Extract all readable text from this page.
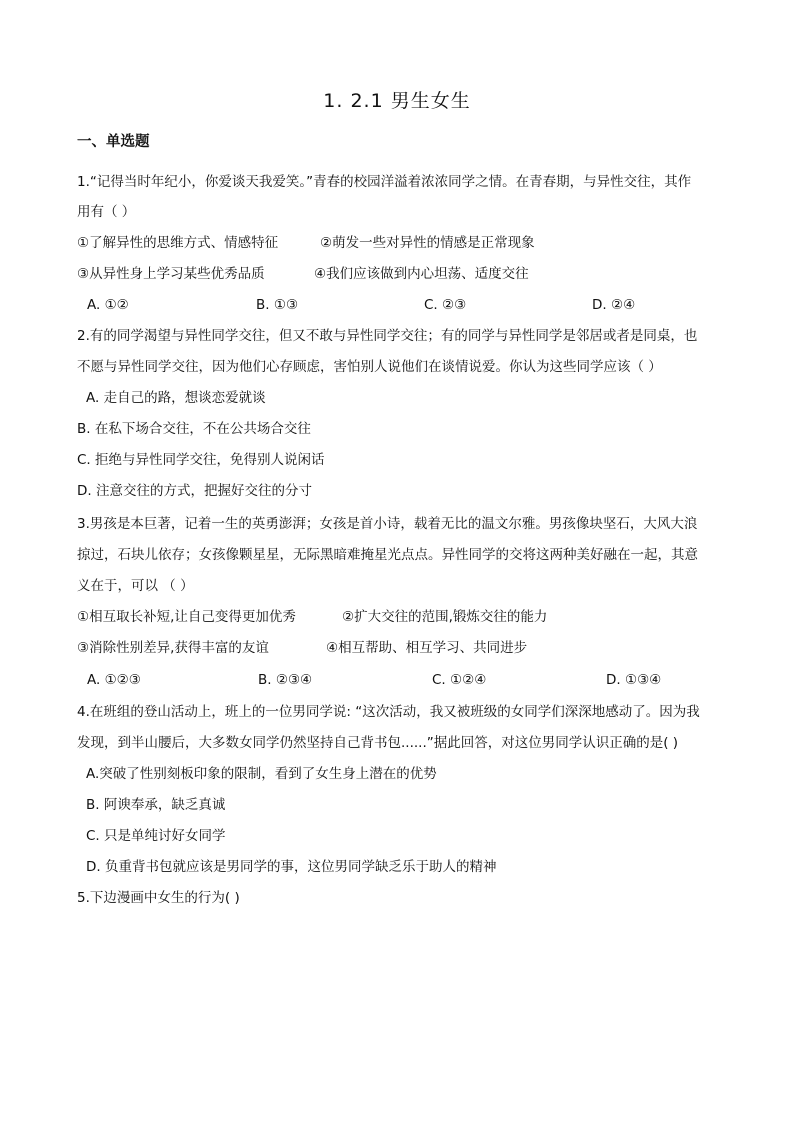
1. 2.1 男生女生
一、单选题
1.“记得当时年纪小，你爱谈天我爱笑。”青春的校园洋溢着浓浓同学之情。在青春期，与异性交往，其作
用有（ ）
①了解异性的思维方式、情感特征	②萌发一些对异性的情感是正常现象
③从异性身上学习某些优秀品质	④我们应该做到内心坦荡、适度交往
A. ①②	B. ①③	C. ②③	D. ②④
2.有的同学渴望与异性同学交往，但又不敢与异性同学交往；有的同学与异性同学是邻居或者是同桌，也
不愿与异性同学交往，因为他们心存顾虑，害怕别人说他们在谈情说爱。你认为这些同学应该（ ）
A. 走自己的路，想谈恋爱就谈
B. 在私下场合交往，不在公共场合交往
C. 拒绝与异性同学交往，免得别人说闲话
D. 注意交往的方式，把握好交往的分寸
3.男孩是本巨著，记着一生的英勇澎湃；女孩是首小诗，载着无比的温文尔雅。男孩像块坚石，大风大浪
掠过，石块儿依存；女孩像颗星星，无际黑暗难掩星光点点。异性同学的交将这两种美好融在一起，其意
义在于，可以 （ ）
①相互取长补短,让自己变得更加优秀	②扩大交往的范围,锻炼交往的能力
③消除性别差异,获得丰富的友谊	④相互帮助、相互学习、共同进步
A. ①②③	B. ②③④	C. ①②④	D. ①③④
4.在班组的登山活动上，班上的一位男同学说: “这次活动，我又被班级的女同学们深深地感动了。因为我
发现，到半山腰后，大多数女同学仍然坚持自己背书包......”据此回答，对这位男同学认识正确的是( )
A.突破了性别刻板印象的限制，看到了女生身上潜在的优势
B. 阿谀奉承，缺乏真诚
C. 只是单纯讨好女同学
D. 负重背书包就应该是男同学的事，这位男同学缺乏乐于助人的精神
5.下边漫画中女生的行为( )
